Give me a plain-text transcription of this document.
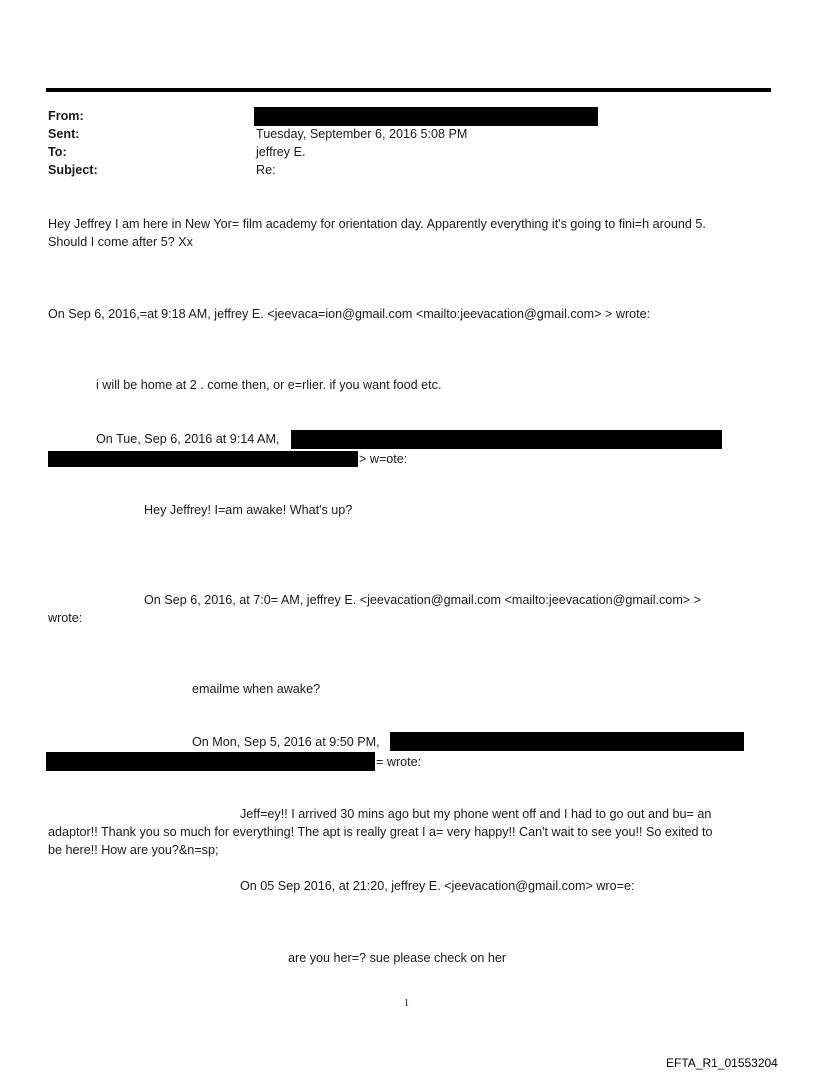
From:
Sent:	Tuesday, September 6, 2016 5:08 PM
To:	jeffrey E.
Subject:	Re:
Hey Jeffrey I am here in New Yor= film academy for orientation day. Apparently everything it's going to fini=h around 5.
Should I come after 5? Xx
On Sep 6, 2016,=at 9:18 AM, jeffrey E. <jeevaca=ion@gmail.com <mailto:jeevacation@gmail.com> > wrote:
i will be home at 2 . come then, or e=rlier. if you want food etc.
On Tue, Sep 6, 2016 at 9:14 AM,
> w=ote:
Hey Jeffrey! I=am awake! What's up?
On Sep 6, 2016, at 7:0= AM, jeffrey E. <jeevacation@gmail.com <mailto:jeevacation@gmail.com> >
wrote:
emailme when awake?
On Mon, Sep 5, 2016 at 9:50 PM,
= wrote:
Jeff=ey!! I arrived 30 mins ago but my phone went off and I had to go out and bu= an
adaptor!! Thank you so much for everything! The apt is really great I a= very happy!! Can't wait to see you!! So exited to
be here!! How are you?&n=sp;
On 05 Sep 2016, at 21:20, jeffrey E. <jeevacation@gmail.com> wro=e:
are you her=? sue please check on her
1
EFTA_R1_01553204
